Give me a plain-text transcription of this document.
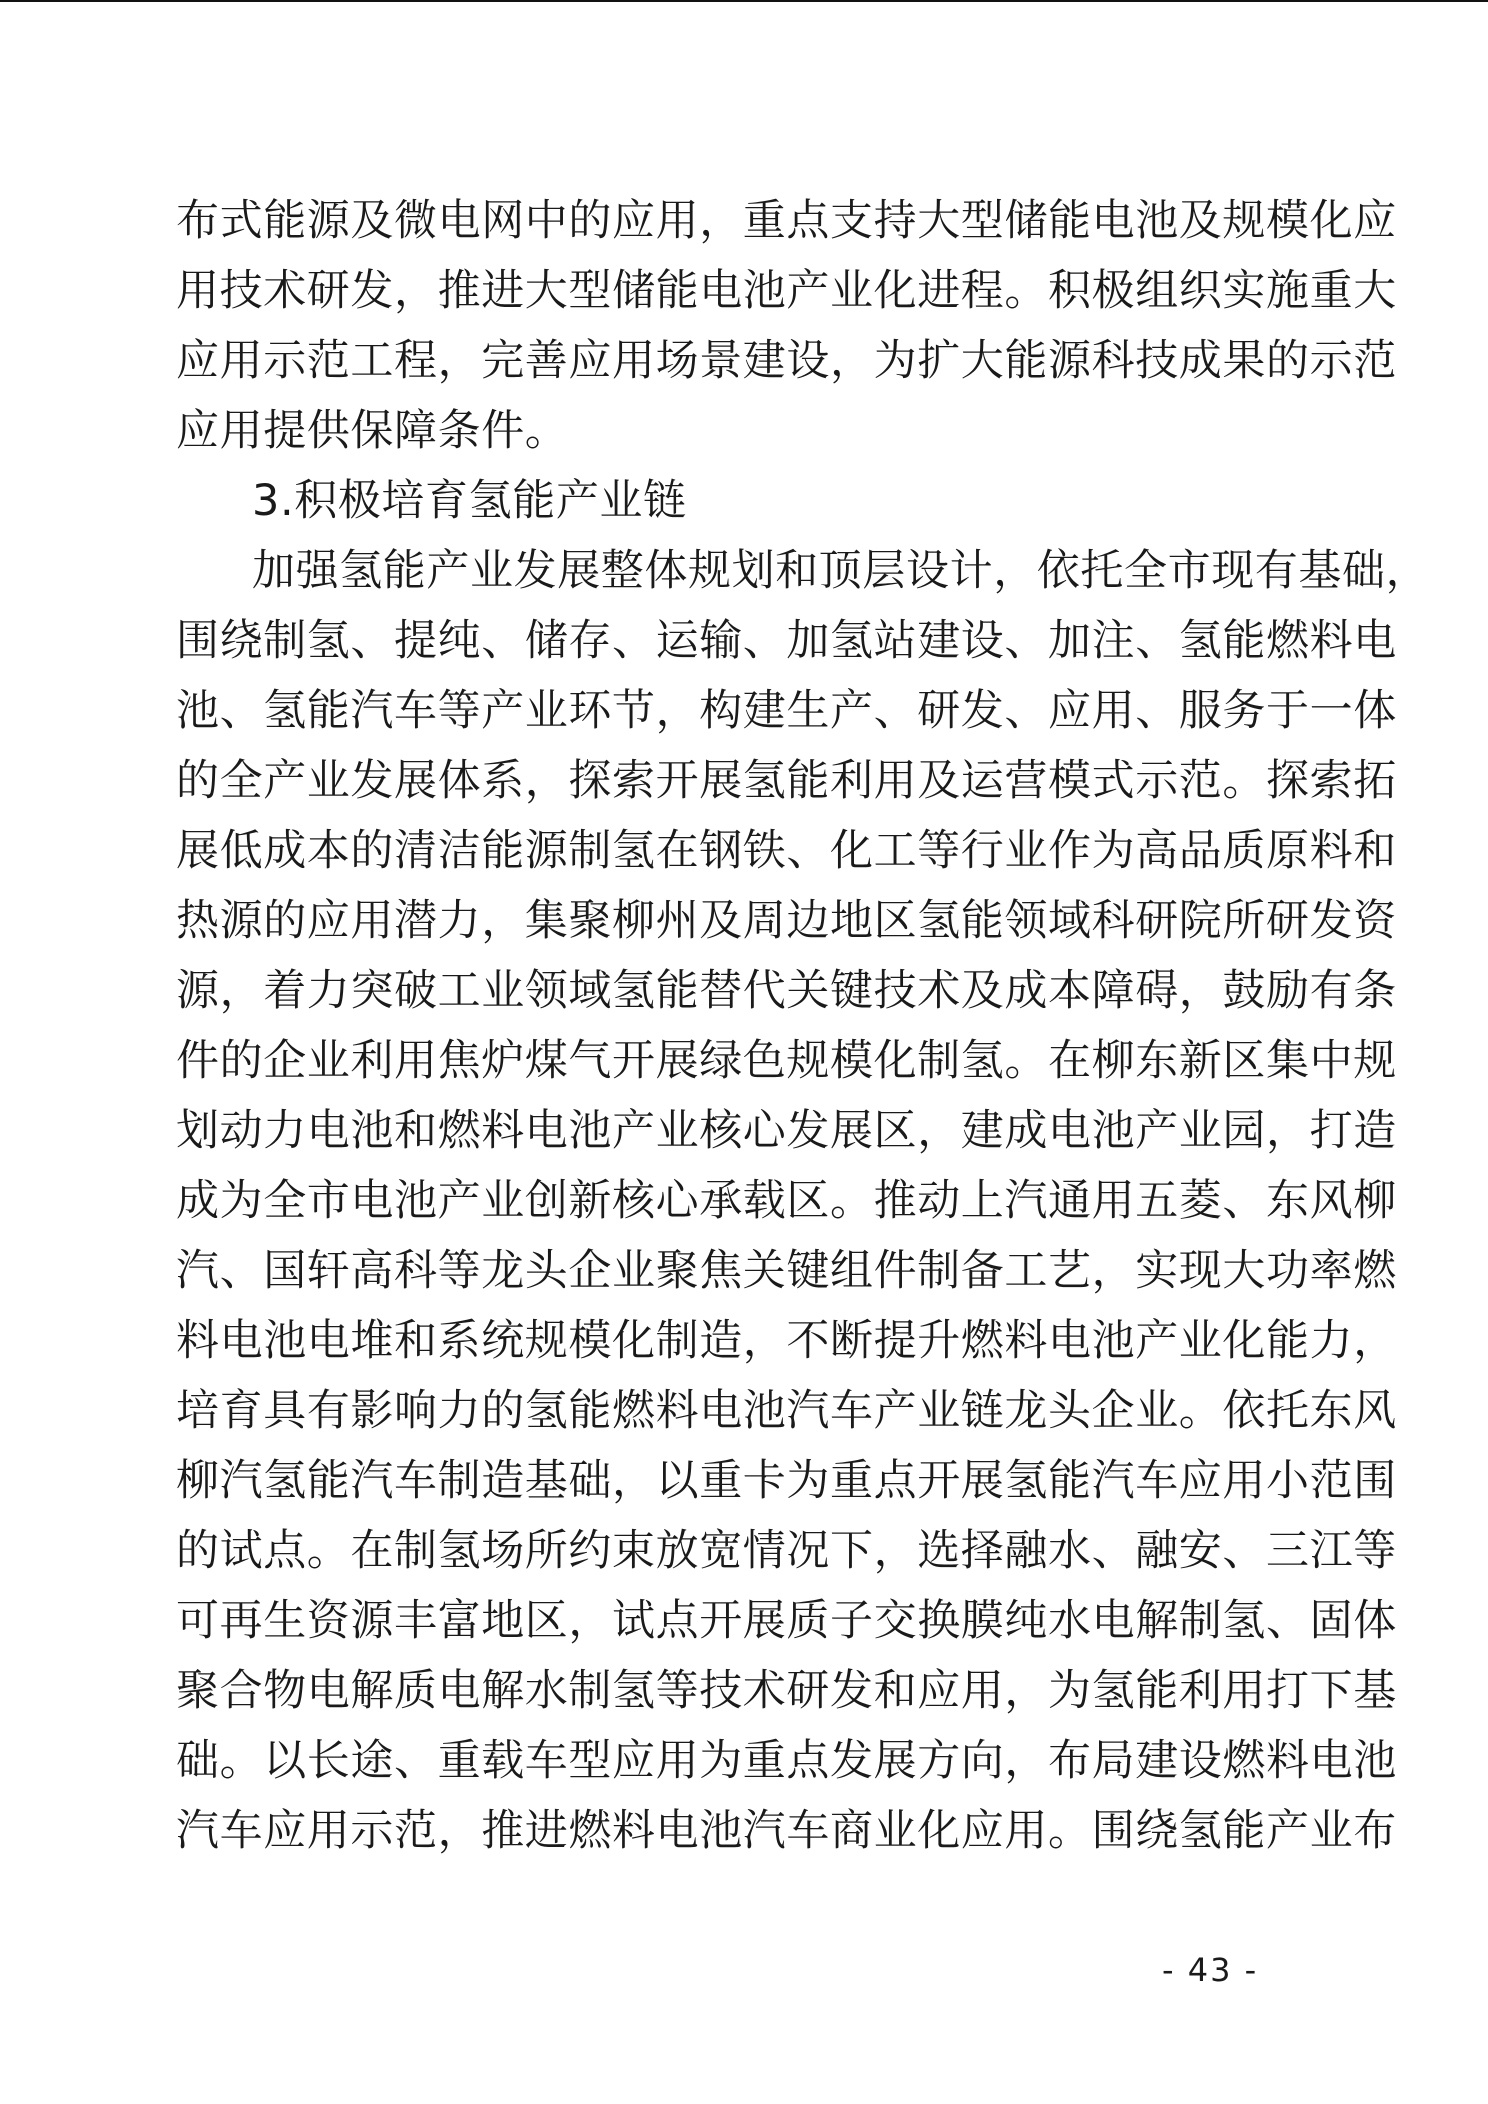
布式能源及微电网中的应用，重点支持大型储能电池及规模化应
用技术研发，推进大型储能电池产业化进程。积极组织实施重大
应用示范工程，完善应用场景建设，为扩大能源科技成果的示范
应用提供保障条件。
3.积极培育氢能产业链
加强氢能产业发展整体规划和顶层设计，依托全市现有基础，
围绕制氢、提纯、储存、运输、加氢站建设、加注、氢能燃料电
池、氢能汽车等产业环节，构建生产、研发、应用、服务于一体
的全产业发展体系，探索开展氢能利用及运营模式示范。探索拓
展低成本的清洁能源制氢在钢铁、化工等行业作为高品质原料和
热源的应用潜力，集聚柳州及周边地区氢能领域科研院所研发资
源，着力突破工业领域氢能替代关键技术及成本障碍，鼓励有条
件的企业利用焦炉煤气开展绿色规模化制氢。在柳东新区集中规
划动力电池和燃料电池产业核心发展区，建成电池产业园，打造
成为全市电池产业创新核心承载区。推动上汽通用五菱、东风柳
汽、国轩高科等龙头企业聚焦关键组件制备工艺，实现大功率燃
料电池电堆和系统规模化制造，不断提升燃料电池产业化能力，
培育具有影响力的氢能燃料电池汽车产业链龙头企业。依托东风
柳汽氢能汽车制造基础，以重卡为重点开展氢能汽车应用小范围
的试点。在制氢场所约束放宽情况下，选择融水、融安、三江等
可再生资源丰富地区，试点开展质子交换膜纯水电解制氢、固体
聚合物电解质电解水制氢等技术研发和应用，为氢能利用打下基
础。以长途、重载车型应用为重点发展方向，布局建设燃料电池
汽车应用示范，推进燃料电池汽车商业化应用。围绕氢能产业布
- 43 -
